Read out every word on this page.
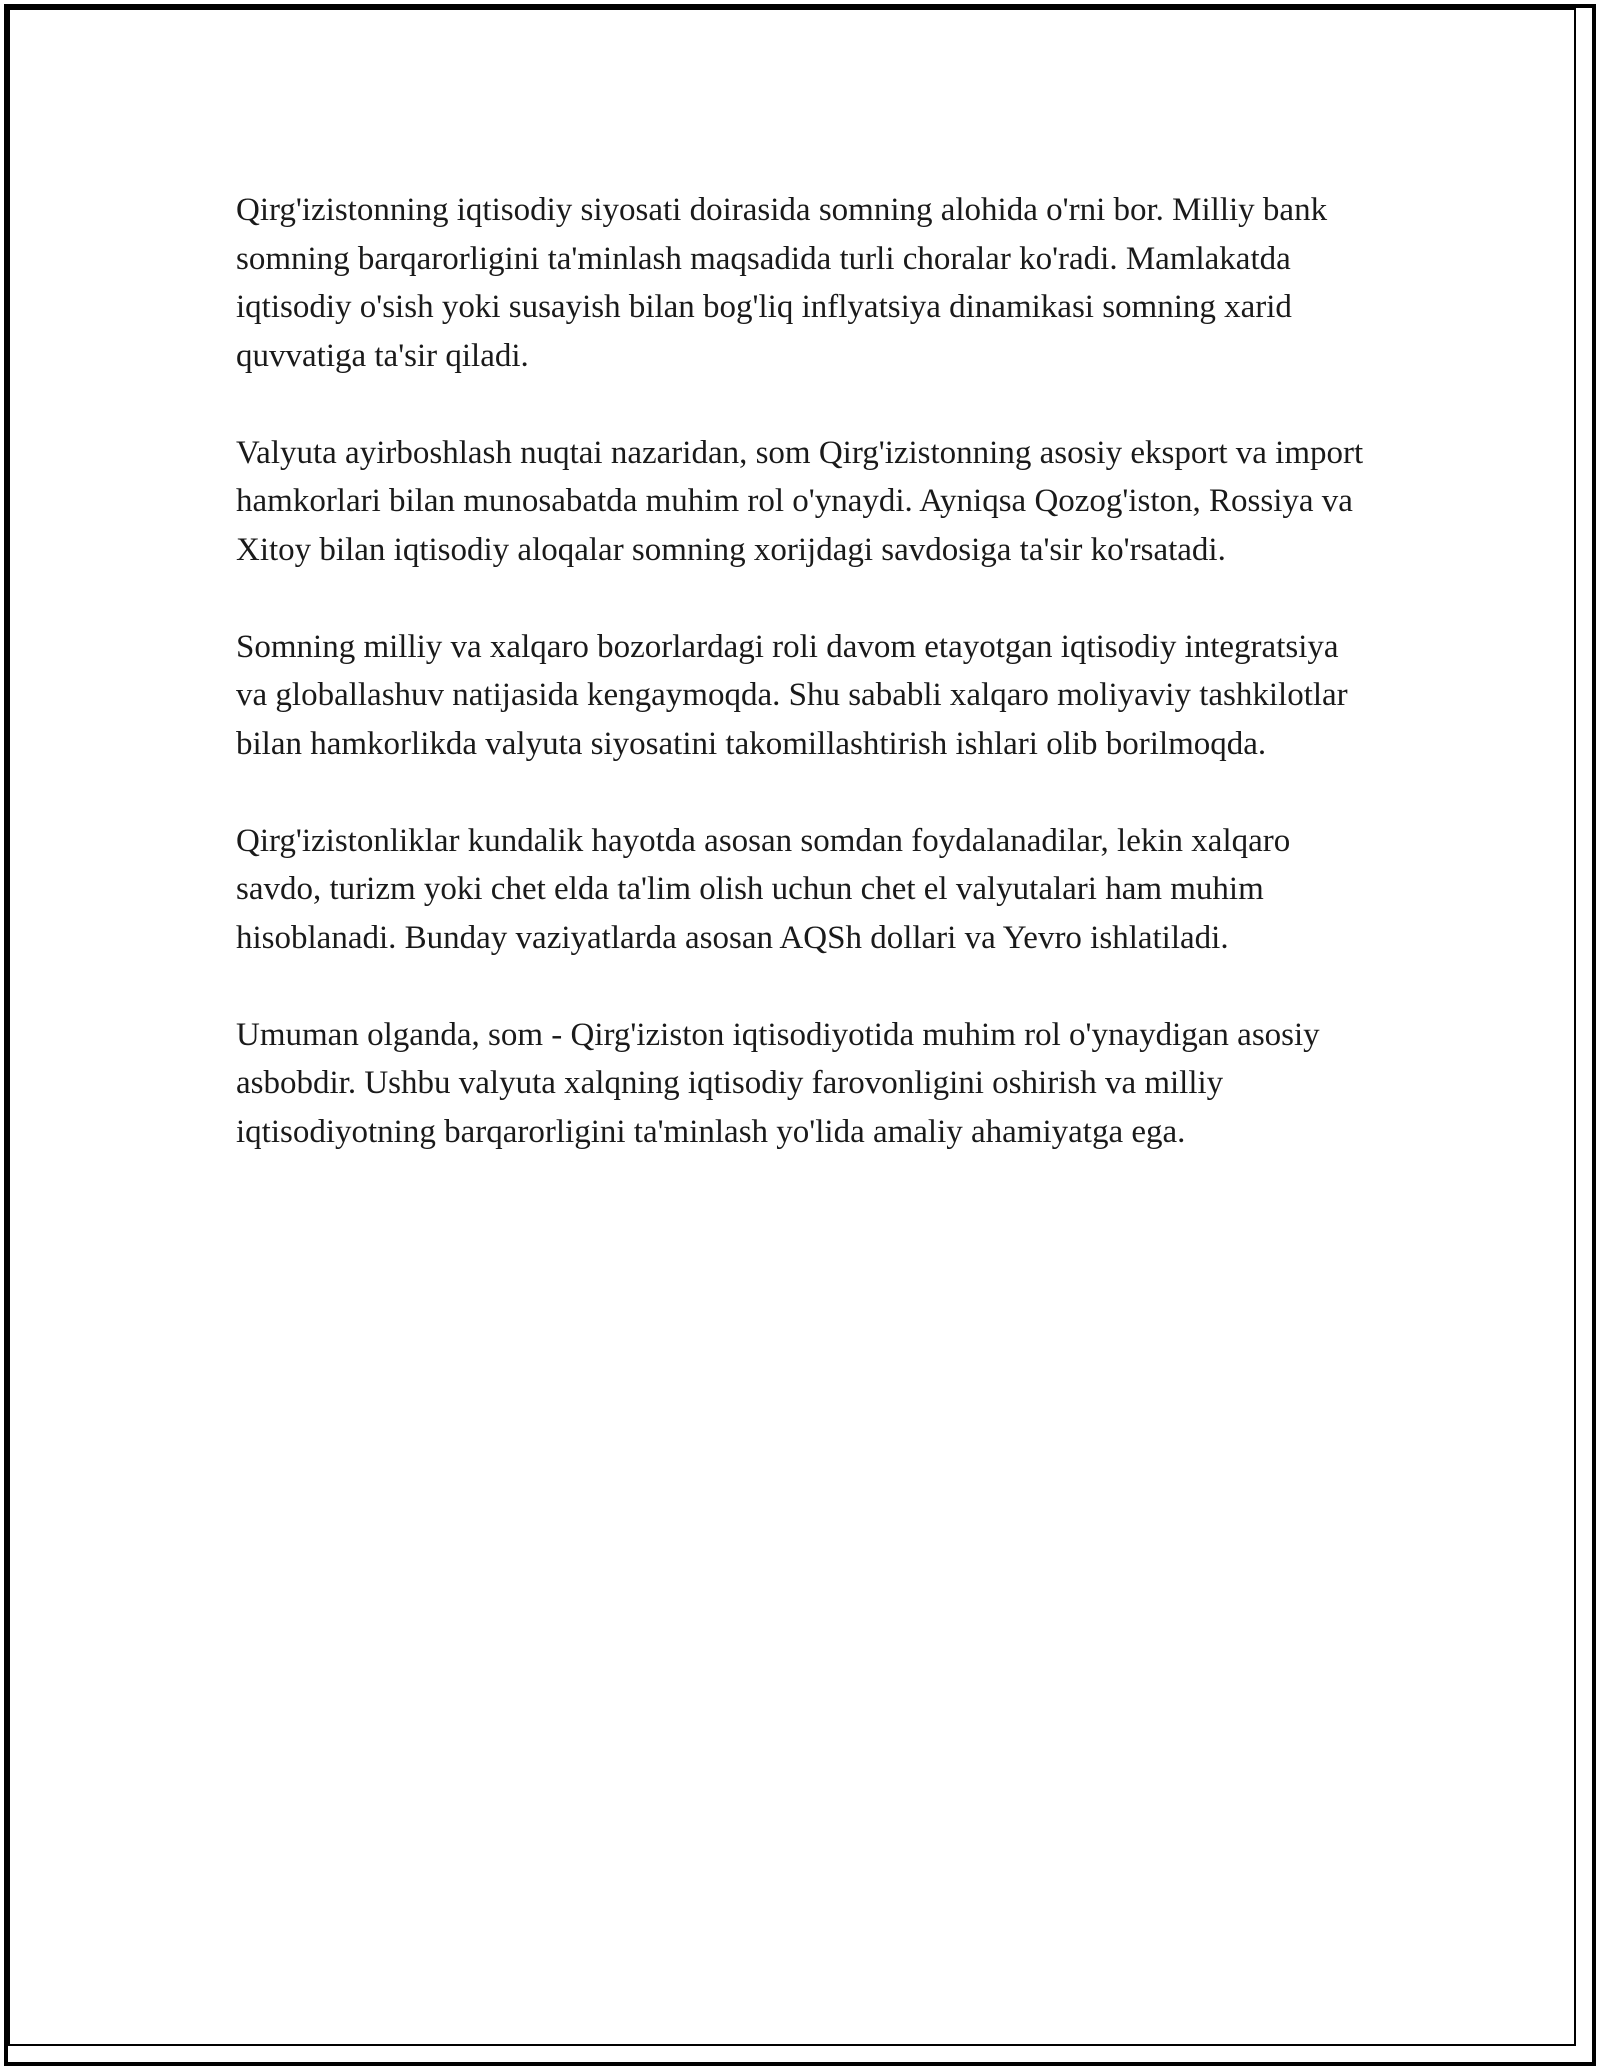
Qirg'izistonning iqtisodiy siyosati doirasida somning alohida o'rni bor. Milliy bank somning barqarorligini ta'minlash maqsadida turli choralar ko'radi. Mamlakatda iqtisodiy o'sish yoki susayish bilan bog'liq inflyatsiya dinamikasi somning xarid quvvatiga ta'sir qiladi.

Valyuta ayirboshlash nuqtai nazaridan, som Qirg'izistonning asosiy eksport va import hamkorlari bilan munosabatda muhim rol o'ynaydi. Ayniqsa Qozog'iston, Rossiya va Xitoy bilan iqtisodiy aloqalar somning xorijdagi savdosiga ta'sir ko'rsatadi.

Somning milliy va xalqaro bozorlardagi roli davom etayotgan iqtisodiy integratsiya va globallashuv natijasida kengaymoqda. Shu sababli xalqaro moliyaviy tashkilotlar bilan hamkorlikda valyuta siyosatini takomillashtirish ishlari olib borilmoqda.

Qirg'izistonliklar kundalik hayotda asosan somdan foydalanadilar, lekin xalqaro savdo, turizm yoki chet elda ta'lim olish uchun chet el valyutalari ham muhim hisoblanadi. Bunday vaziyatlarda asosan AQSh dollari va Yevro ishlatiladi.

Umuman olganda, som - Qirg'iziston iqtisodiyotida muhim rol o'ynaydigan asosiy asbobdir. Ushbu valyuta xalqning iqtisodiy farovonligini oshirish va milliy iqtisodiyotning barqarorligini ta'minlash yo'lida amaliy ahamiyatga ega.
